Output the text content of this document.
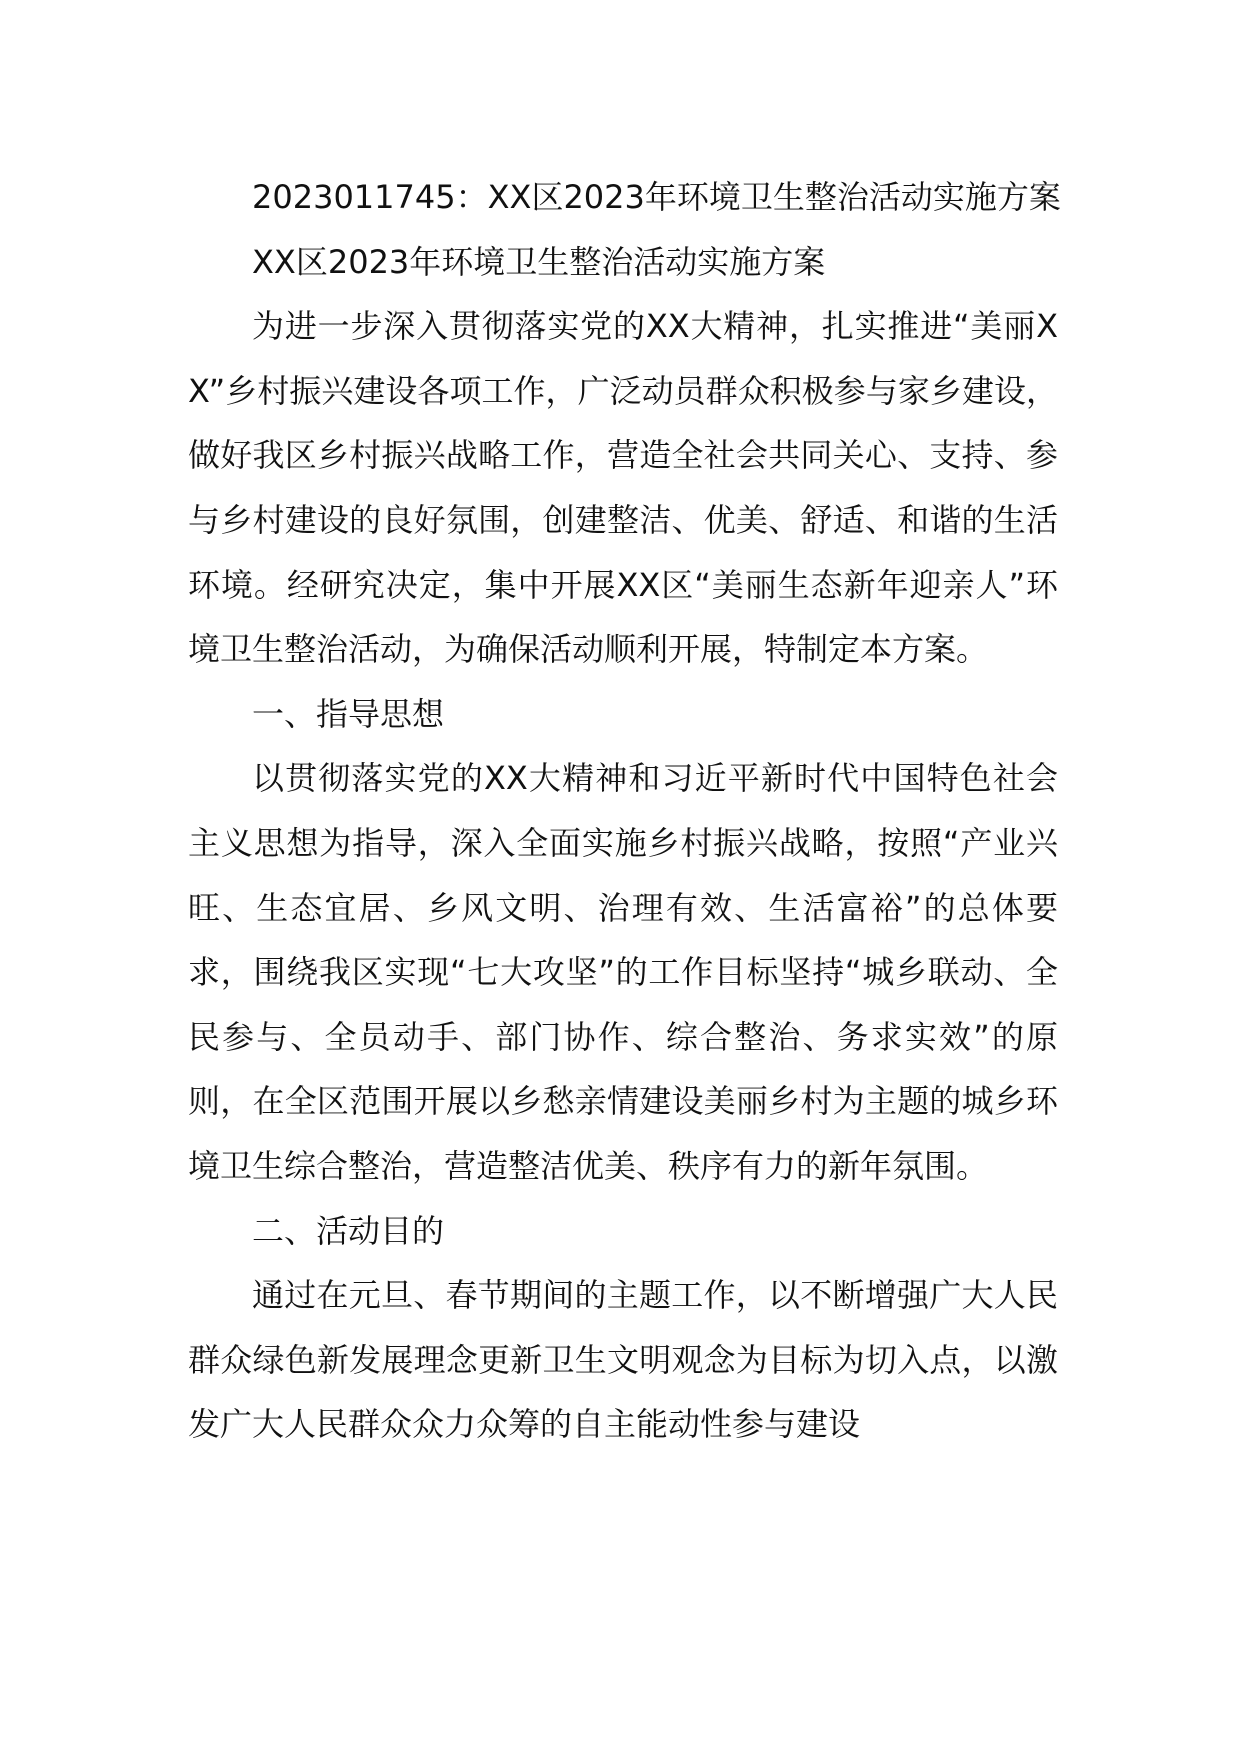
2023011745：XX区2023年环境卫生整治活动实施方案

XX区2023年环境卫生整治活动实施方案

为进一步深入贯彻落实党的XX大精神，扎实推进“美丽XX”乡村振兴建设各项工作，广泛动员群众积极参与家乡建设，做好我区乡村振兴战略工作，营造全社会共同关心、支持、参与乡村建设的良好氛围，创建整洁、优美、舒适、和谐的生活环境。经研究决定，集中开展XX区“美丽生态新年迎亲人”环境卫生整治活动，为确保活动顺利开展，特制定本方案。

一、指导思想

以贯彻落实党的XX大精神和习近平新时代中国特色社会主义思想为指导，深入全面实施乡村振兴战略，按照“产业兴旺、生态宜居、乡风文明、治理有效、生活富裕”的总体要求，围绕我区实现“七大攻坚”的工作目标坚持“城乡联动、全民参与、全员动手、部门协作、综合整治、务求实效”的原则，在全区范围开展以乡愁亲情建设美丽乡村为主题的城乡环境卫生综合整治，营造整洁优美、秩序有力的新年氛围。

二、活动目的

通过在元旦、春节期间的主题工作，以不断增强广大人民群众绿色新发展理念更新卫生文明观念为目标为切入点，以激发广大人民群众众力众筹的自主能动性参与建设
